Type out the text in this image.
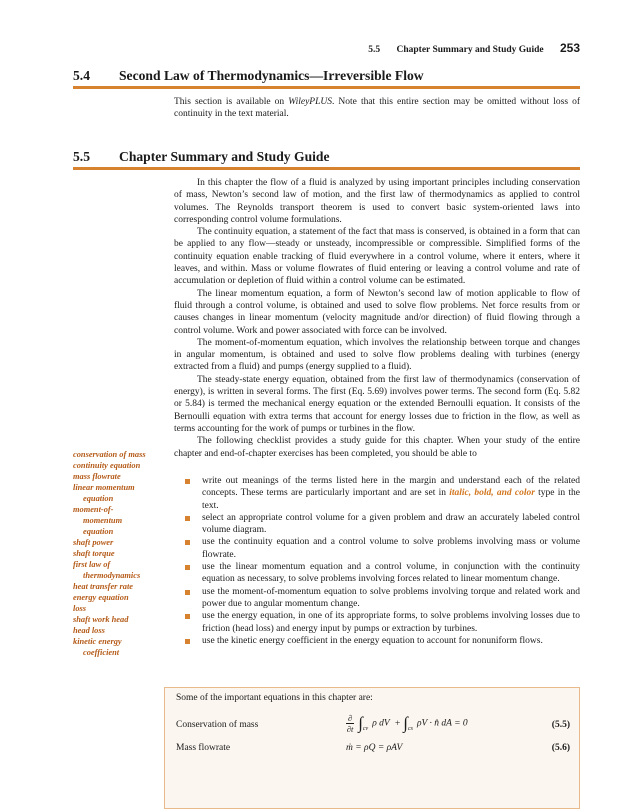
5.5 Chapter Summary and Study Guide 253
5.4 Second Law of Thermodynamics—Irreversible Flow

This section is available on WileyPLUS. Note that this entire section may be omitted without loss of continuity in the text material.

5.5 Chapter Summary and Study Guide

In this chapter the flow of a fluid is analyzed by using important principles including conservation of mass, Newton’s second law of motion, and the first law of thermodynamics as applied to control volumes. The Reynolds transport theorem is used to convert basic system-oriented laws into corresponding control volume formulations.

The continuity equation, a statement of the fact that mass is conserved, is obtained in a form that can be applied to any flow—steady or unsteady, incompressible or compressible. Simplified forms of the continuity equation enable tracking of fluid everywhere in a control volume, where it enters, where it leaves, and within. Mass or volume flowrates of fluid entering or leaving a control volume and rate of accumulation or depletion of fluid within a control volume can be estimated.

The linear momentum equation, a form of Newton’s second law of motion applicable to flow of fluid through a control volume, is obtained and used to solve flow problems. Net force results from or causes changes in linear momentum (velocity magnitude and/or direction) of fluid flowing through a control volume. Work and power associated with force can be involved.

The moment-of-momentum equation, which involves the relationship between torque and changes in angular momentum, is obtained and used to solve flow problems dealing with turbines (energy extracted from a fluid) and pumps (energy supplied to a fluid).

The steady-state energy equation, obtained from the first law of thermodynamics (conservation of energy), is written in several forms. The first (Eq. 5.69) involves power terms. The second form (Eq. 5.82 or 5.84) is termed the mechanical energy equation or the extended Bernoulli equation. It consists of the Bernoulli equation with extra terms that account for energy losses due to friction in the flow, as well as terms accounting for the work of pumps or turbines in the flow.

The following checklist provides a study guide for this chapter. When your study of the entire chapter and end-of-chapter exercises has been completed, you should be able to

conservation of mass
continuity equation
mass flowrate
linear momentum
equation
moment-of-
momentum
equation
shaft power
shaft torque
first law of
thermodynamics
heat transfer rate
energy equation
loss
shaft work head
head loss
kinetic energy
coefficient
write out meanings of the terms listed here in the margin and understand each of the related concepts. These terms are particularly important and are set in italic, bold, and color type in the text.
select an appropriate control volume for a given problem and draw an accurately labeled control volume diagram.
use the continuity equation and a control volume to solve problems involving mass or volume flowrate.
use the linear momentum equation and a control volume, in conjunction with the continuity equation as necessary, to solve problems involving forces related to linear momentum change.
use the moment-of-momentum equation to solve problems involving torque and related work and power due to angular momentum change.
use the energy equation, in one of its appropriate forms, to solve problems involving losses due to friction (head loss) and energy input by pumps or extraction by turbines.
use the kinetic energy coefficient in the energy equation to account for nonuniform flows.
Some of the important equations in this chapter are:
Conservation of mass	$\frac{\partial}{\partial t} \int_{cv}$ ρ dV + $\int_{cs}$ ρV · n̂ dA = 0	(5.5)
Mass flowrate	ṁ = ρQ = ρAV	(5.6)
